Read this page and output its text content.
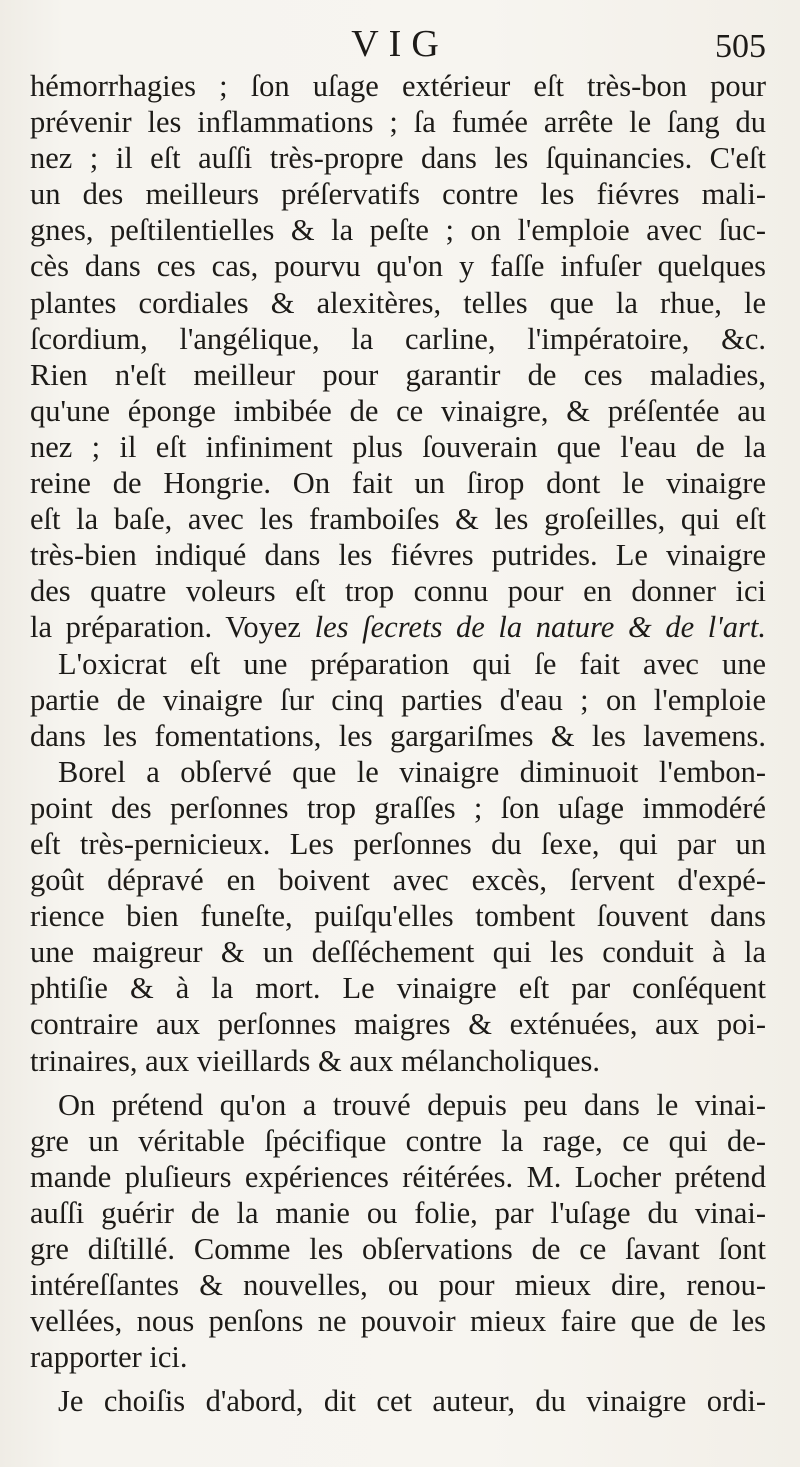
VIG	505
hémorrhagies ; ſon uſage extérieur eſt très-bon pour
prévenir les inflammations ; ſa fumée arrête le ſang du
nez ; il eſt auſſi très-propre dans les ſquinancies. C'eſt
un des meilleurs préſervatifs contre les fiévres mali-
gnes, peſtilentielles & la peſte ; on l'emploie avec ſuc-
cès dans ces cas, pourvu qu'on y faſſe infuſer quelques
plantes cordiales & alexitères, telles que la rhue, le
ſcordium, l'angélique, la carline, l'impératoire, &c.
Rien n'eſt meilleur pour garantir de ces maladies,
qu'une éponge imbibée de ce vinaigre, & préſentée au
nez ; il eſt infiniment plus ſouverain que l'eau de la
reine de Hongrie. On fait un ſirop dont le vinaigre
eſt la baſe, avec les framboiſes & les groſeilles, qui eſt
très-bien indiqué dans les fiévres putrides. Le vinaigre
des quatre voleurs eſt trop connu pour en donner ici
la préparation. Voyez les ſecrets de la nature & de l'art.
L'oxicrat eſt une préparation qui ſe fait avec une
partie de vinaigre ſur cinq parties d'eau ; on l'emploie
dans les fomentations, les gargariſmes & les lavemens.
Borel a obſervé que le vinaigre diminuoit l'embon-
point des perſonnes trop graſſes ; ſon uſage immodéré
eſt très-pernicieux. Les perſonnes du ſexe, qui par un
goût dépravé en boivent avec excès, ſervent d'expé-
rience bien funeſte, puiſqu'elles tombent ſouvent dans
une maigreur & un deſſéchement qui les conduit à la
phtiſie & à la mort. Le vinaigre eſt par conſéquent
contraire aux perſonnes maigres & exténuées, aux poi-
trinaires, aux vieillards & aux mélancholiques.
On prétend qu'on a trouvé depuis peu dans le vinai-
gre un véritable ſpécifique contre la rage, ce qui de-
mande pluſieurs expériences réitérées. M. Locher prétend
auſſi guérir de la manie ou folie, par l'uſage du vinai-
gre diſtillé. Comme les obſervations de ce ſavant ſont
intéreſſantes & nouvelles, ou pour mieux dire, renou-
vellées, nous penſons ne pouvoir mieux faire que de les
rapporter ici.
Je choiſis d'abord, dit cet auteur, du vinaigre ordi-
